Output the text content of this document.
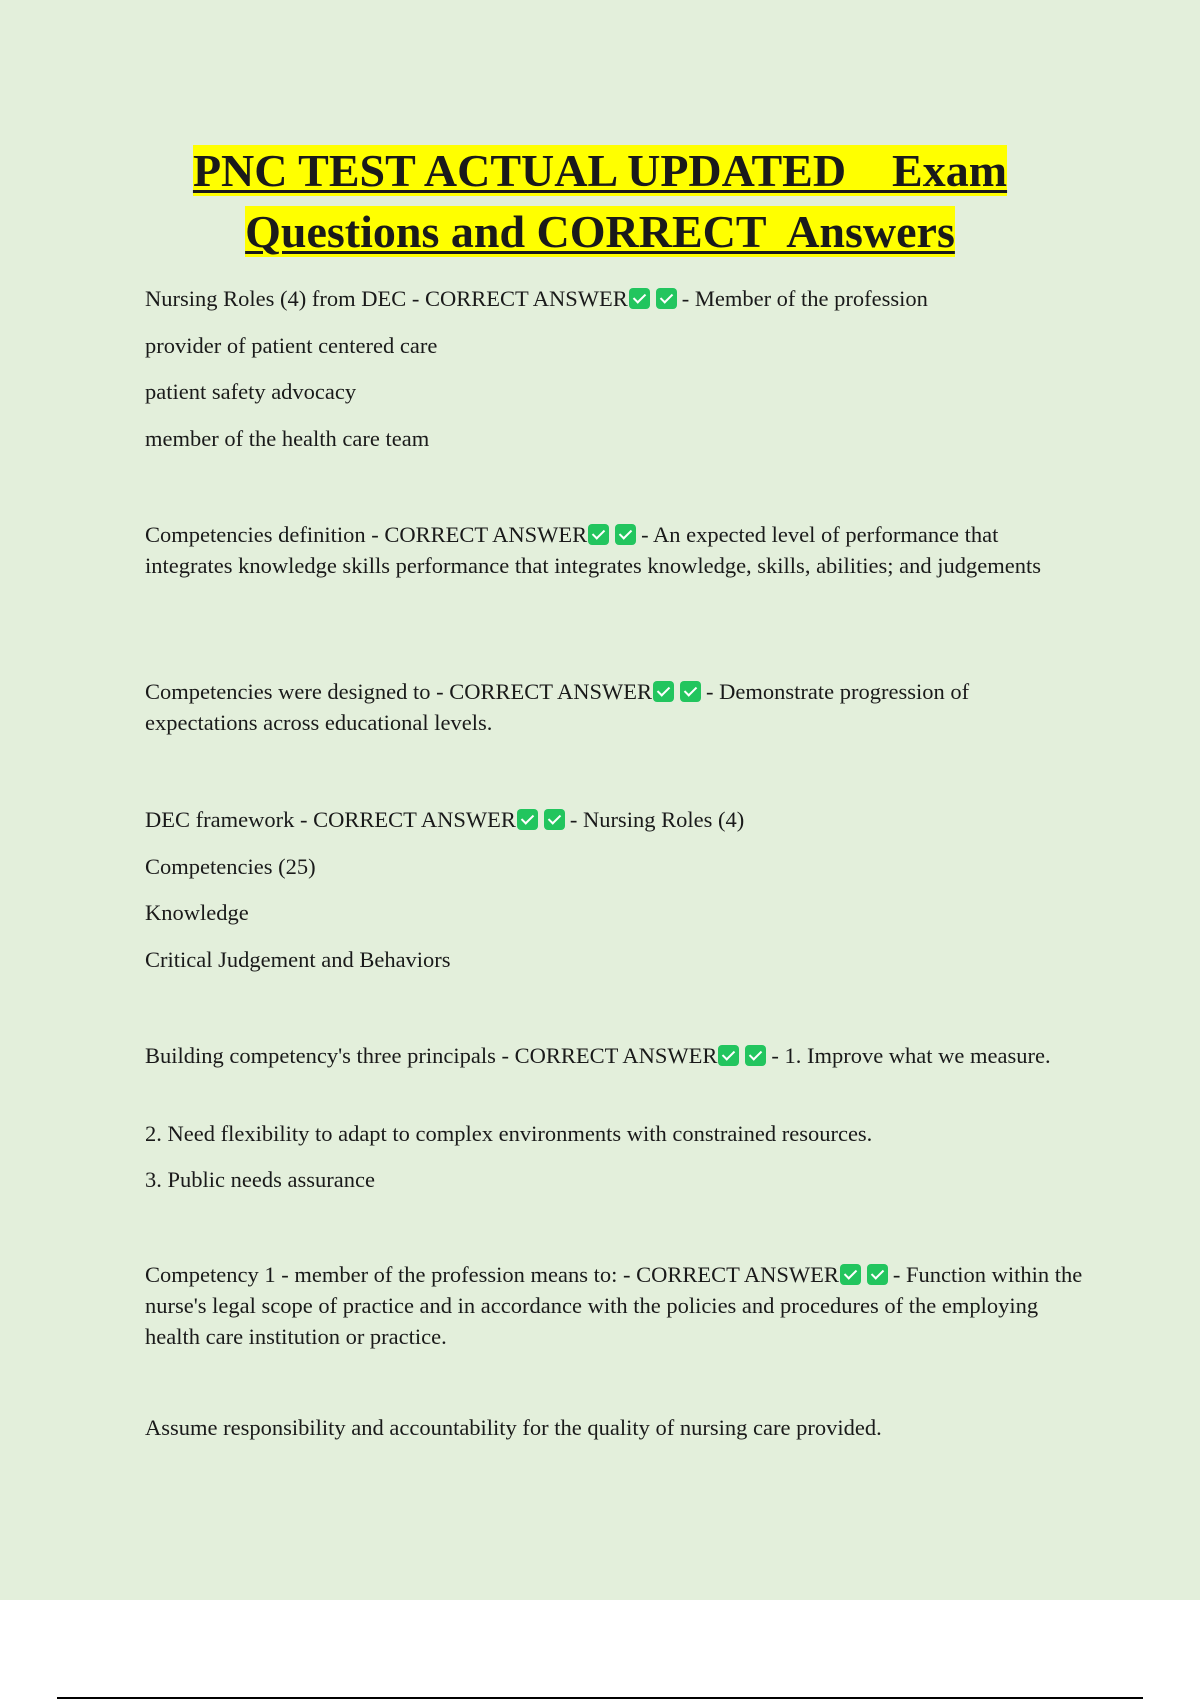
PNC TEST ACTUAL UPDATED    Exam
Questions and CORRECT  Answers

Nursing Roles (4) from DEC - CORRECT ANSWER - Member of the profession

provider of patient centered care

patient safety advocacy

member of the health care team

Competencies definition - CORRECT ANSWER - An expected level of performance that integrates knowledge skills performance that integrates knowledge, skills, abilities; and judgements

Competencies were designed to - CORRECT ANSWER - Demonstrate progression of expectations across educational levels.

DEC framework - CORRECT ANSWER - Nursing Roles (4)

Competencies (25)

Knowledge

Critical Judgement and Behaviors

Building competency's three principals - CORRECT ANSWER - 1. Improve what we measure.

2. Need flexibility to adapt to complex environments with constrained resources.

3. Public needs assurance

Competency 1 - member of the profession means to: - CORRECT ANSWER - Function within the nurse's legal scope of practice and in accordance with the policies and procedures of the employing health care institution or practice.

Assume responsibility and accountability for the quality of nursing care provided.
